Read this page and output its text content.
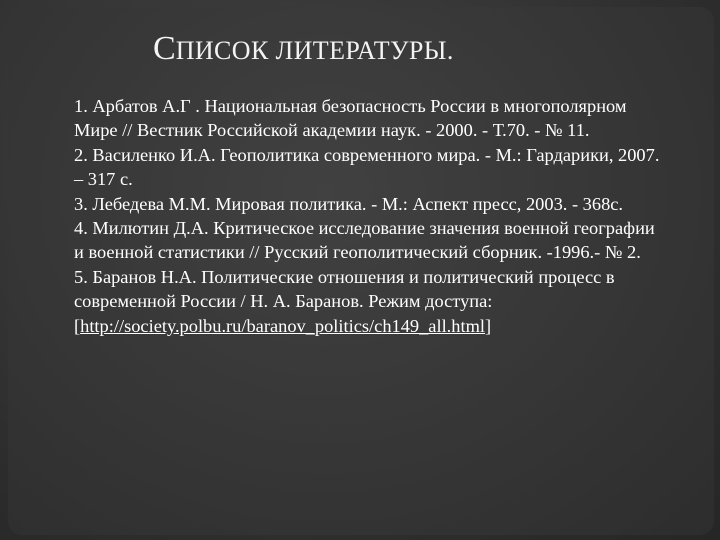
СПИСОК ЛИТЕРАТУРЫ.

1. Арбатов А.Г . Национальная безопасность России в многополярном Мире // Вестник Российской академии наук. - 2000. - Т.70. - № 11.

2. Василенко И.А. Геополитика современного мира. - М.: Гардарики, 2007. – 317 с.

3. Лебедева М.М. Мировая политика. - М.: Аспект пресс, 2003. - 368с.

4. Милютин Д.А. Критическое исследование значения военной географии и военной статистики // Русский геополитический сборник. -1996.- № 2.

5. Баранов Н.А. Политические отношения и политический процесс в современной России / Н. А. Баранов. Режим доступа: [http://society.polbu.ru/baranov_politics/ch149_all.html]
